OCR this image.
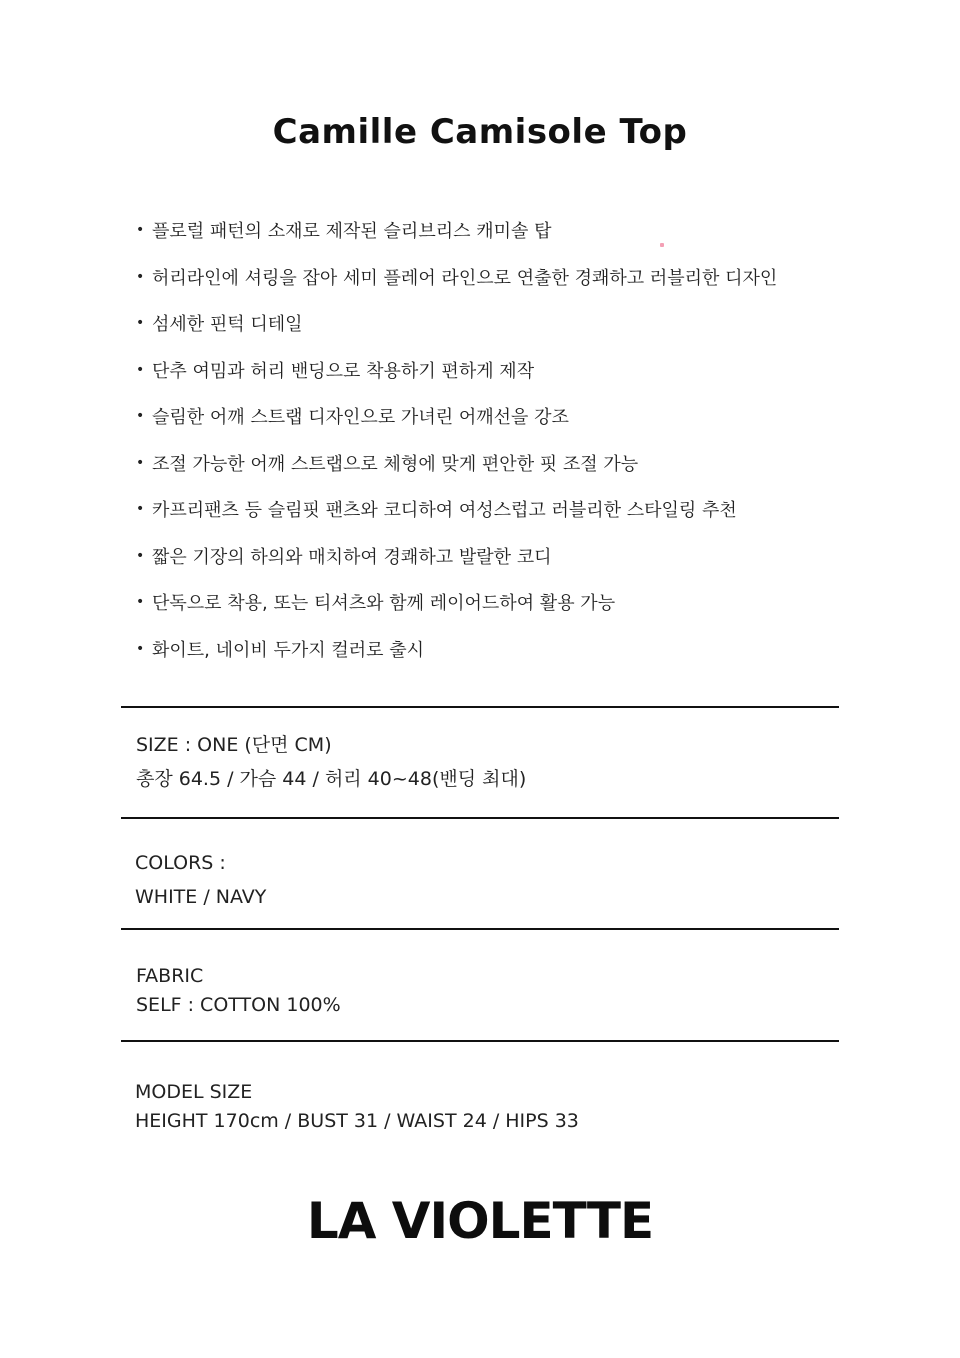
Camille Camisole Top
• 플로럴 패턴의 소재로 제작된 슬리브리스 캐미솔 탑
• 허리라인에 셔링을 잡아 세미 플레어 라인으로 연출한 경쾌하고 러블리한 디자인
• 섬세한 핀턱 디테일
• 단추 여밈과 허리 밴딩으로 착용하기 편하게 제작
• 슬림한 어깨 스트랩 디자인으로 가녀린 어깨선을 강조
• 조절 가능한 어깨 스트랩으로 체형에 맞게 편안한 핏 조절 가능
• 카프리팬츠 등 슬림핏 팬츠와 코디하여 여성스럽고 러블리한 스타일링 추천
• 짧은 기장의 하의와 매치하여 경쾌하고 발랄한 코디
• 단독으로 착용, 또는 티셔츠와 함께 레이어드하여 활용 가능
• 화이트, 네이비 두가지 컬러로 출시
SIZE : ONE (단면 CM)
총장 64.5 / 가슴 44 / 허리 40~48(밴딩 최대)
COLORS :
WHITE / NAVY
FABRIC
SELF : COTTON 100%
MODEL SIZE
HEIGHT 170cm / BUST 31 / WAIST 24 / HIPS 33
LA VIOLETTE
